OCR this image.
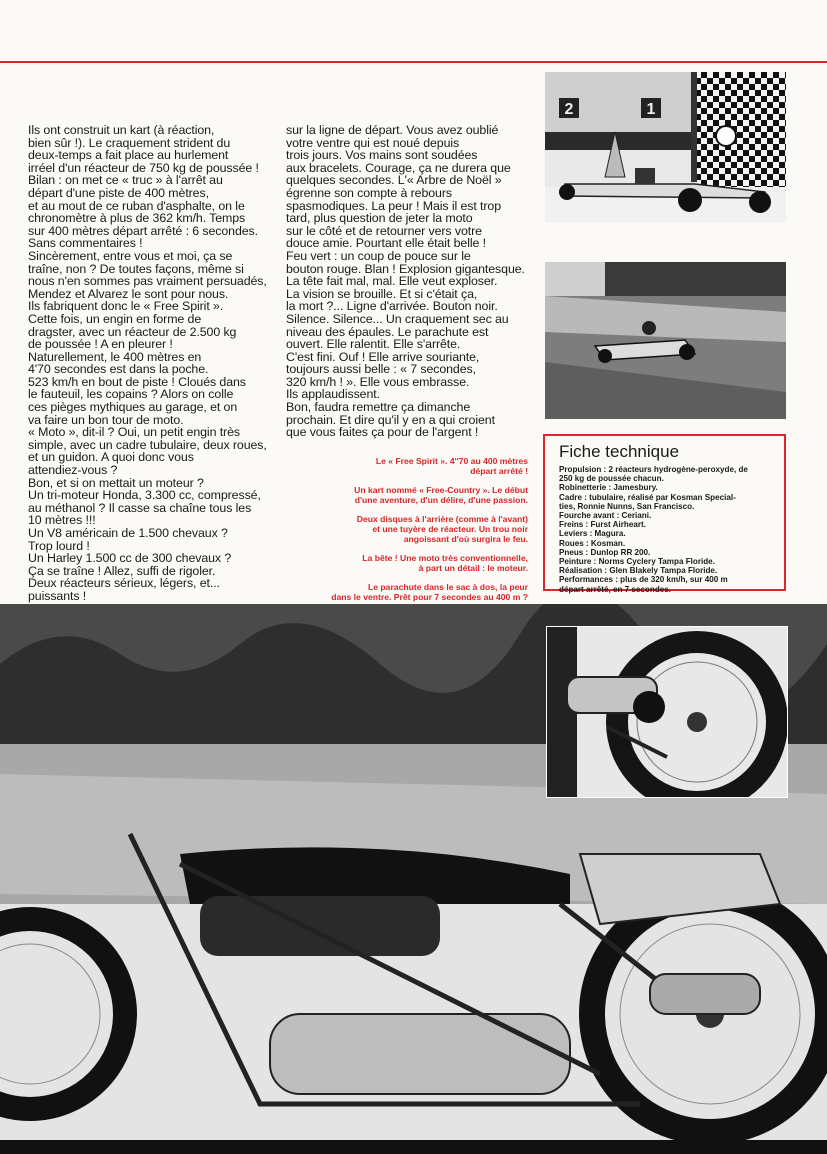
2	1

Ils ont construit un kart (à réaction,
bien sûr !). Le craquement strident du
deux-temps a fait place au hurlement
irréel d'un réacteur de 750 kg de poussée !
Bilan : on met ce « truc » à l'arrêt au
départ d'une piste de 400 mètres,
et au mout de ce ruban d'asphalte, on le
chronomètre à plus de 362 km/h. Temps
sur 400 mètres départ arrêté : 6 secondes.
Sans commentaires !
Sincèrement, entre vous et moi, ça se
traîne, non ? De toutes façons, même si
nous n'en sommes pas vraiment persuadés,
Mendez et Alvarez le sont pour nous.
Ils fabriquent donc le « Free Spirit ».
Cette fois, un engin en forme de
dragster, avec un réacteur de 2.500 kg
de poussée ! A en pleurer !
Naturellement, le 400 mètres en
4'70 secondes est dans la poche.
523 km/h en bout de piste ! Cloués dans
le fauteuil, les copains ? Alors on colle
ces pièges mythiques au garage, et on
va faire un bon tour de moto.
« Moto », dit-il ? Oui, un petit engin très
simple, avec un cadre tubulaire, deux roues,
et un guidon. A quoi donc vous
attendiez-vous ?
Bon, et si on mettait un moteur ?
Un tri-moteur Honda, 3.300 cc, compressé,
au méthanol ? Il casse sa chaîne tous les
10 mètres !!!
Un V8 américain de 1.500 chevaux ?
Trop lourd !
Un Harley 1.500 cc de 300 chevaux ?
Ça se traîne ! Allez, suffi de rigoler.
Deux réacteurs sérieux, légers, et...
puissants !

sur la ligne de départ. Vous avez oublié
votre ventre qui est noué depuis
trois jours. Vos mains sont soudées
aux bracelets. Courage, ça ne durera que
quelques secondes. L'« Arbre de Noël »
égrenne son compte à rebours
spasmodiques. La peur ! Mais il est trop
tard, plus question de jeter la moto
sur le côté et de retourner vers votre
douce amie. Pourtant elle était belle !
Feu vert : un coup de pouce sur le
bouton rouge. Blan ! Explosion gigantesque.
La tête fait mal, mal. Elle veut exploser.
La vision se brouille. Et si c'était ça,
la mort ?... Ligne d'arrivée. Bouton noir.
Silence. Silence... Un craquement sec au
niveau des épaules. Le parachute est
ouvert. Elle ralentit. Elle s'arrête.
C'est fini. Ouf ! Elle arrive souriante,
toujours aussi belle : « 7 secondes,
320 km/h ! ». Elle vous embrasse.
Ils applaudissent.
Bon, faudra remettre ça dimanche
prochain. Et dire qu'il y en a qui croient
que vous faites ça pour de l'argent !

Le « Free Spirit ». 4''70 au 400 mètres
départ arrêté !

Un kart nommé « Free-Country ». Le début
d'une aventure, d'un délire, d'une passion.

Deux disques à l'arrière (comme à l'avant)
et une tuyère de réacteur. Un trou noir
angoissant d'où surgira le feu.

La bête ! Une moto très conventionnelle,
à part un détail : le moteur.

Le parachute dans le sac à dos, la peur
dans le ventre. Prêt pour 7 secondes au 400 m ?

Fiche technique
Propulsion : 2 réacteurs hydrogène-peroxyde, de
250 kg de poussée chacun.
Robinetterie : Jamesbury.
Cadre : tubulaire, réalisé par Kosman Special-
ties, Ronnie Nunns, San Francisco.
Fourche avant : Ceriani.
Freins : Furst Airheart.
Leviers : Magura.
Roues : Kosman.
Pneus : Dunlop RR 200.
Peinture : Norms Cyclery Tampa Floride.
Réalisation : Glen Blakely Tampa Floride.
Performances : plus de 320 km/h, sur 400 m
départ arrêté, en 7 secondes.
